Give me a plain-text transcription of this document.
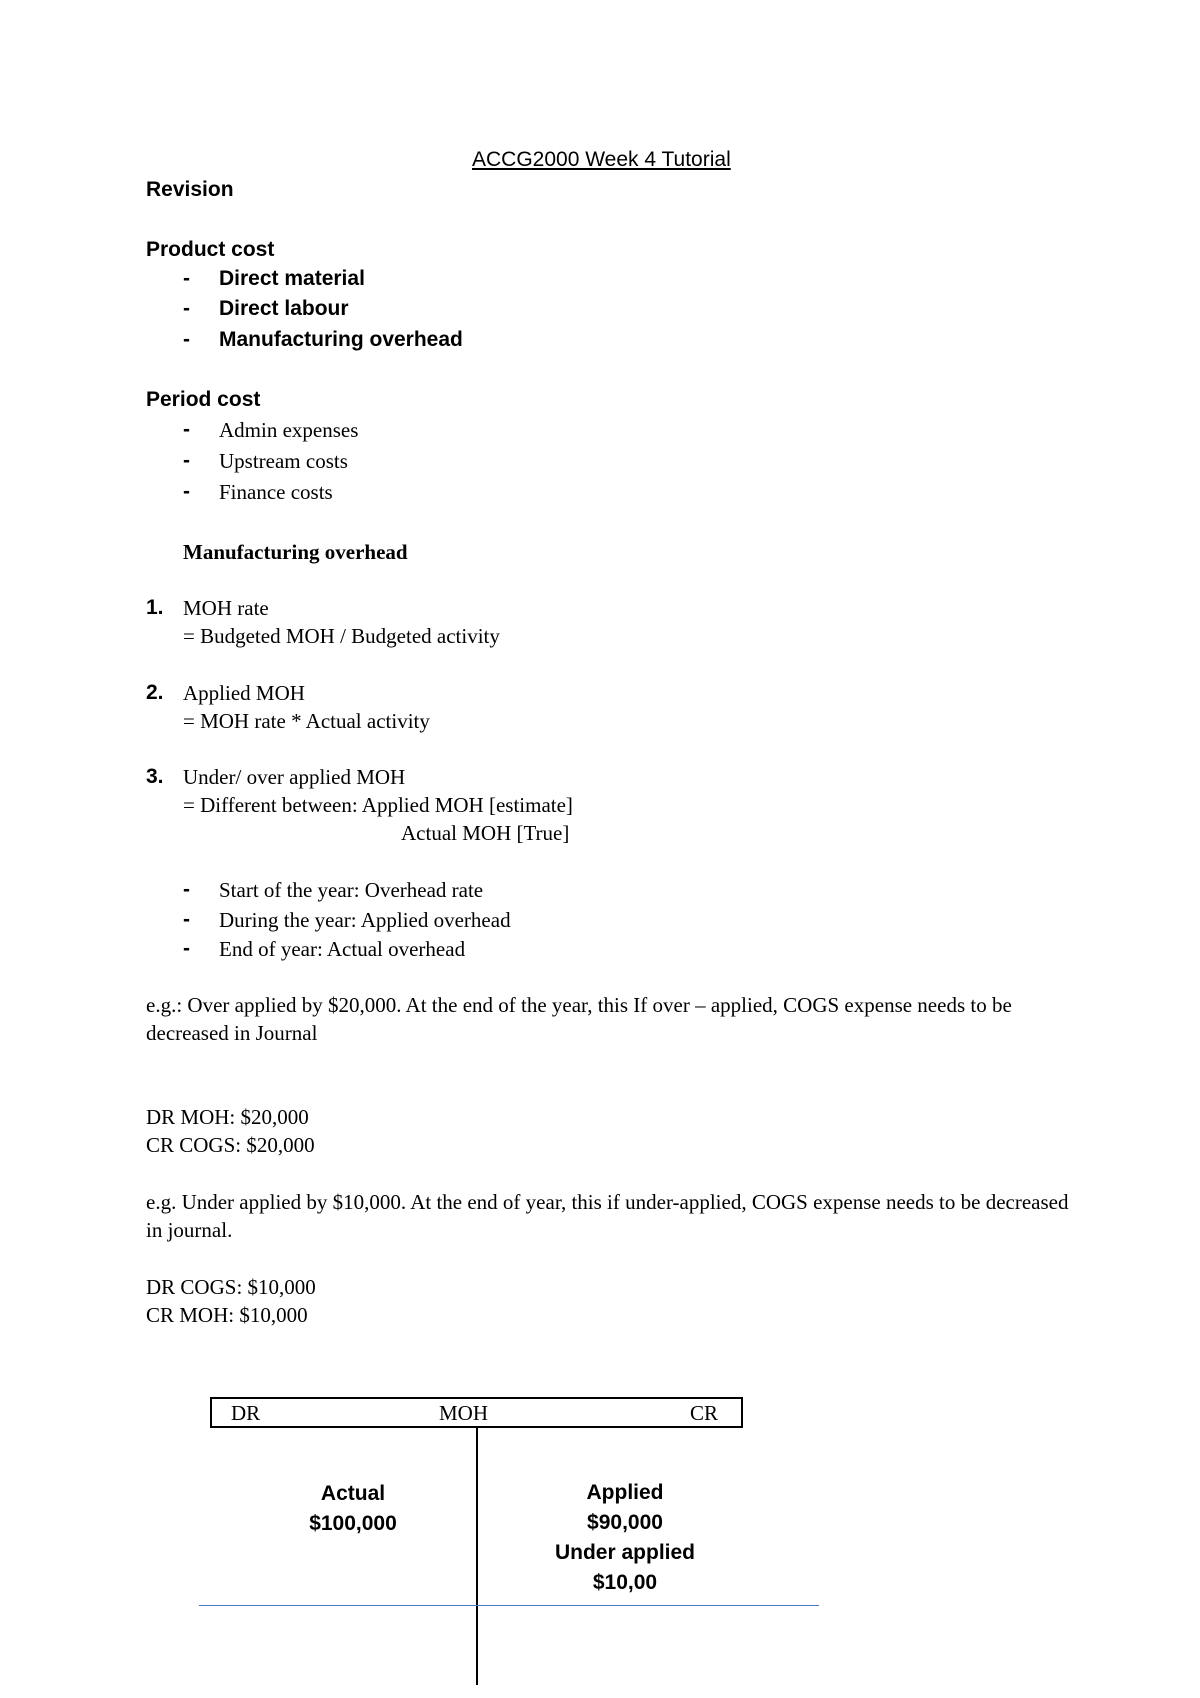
ACCG2000 Week 4 Tutorial
Revision
Product cost
- Direct material
- Direct labour
- Manufacturing overhead
Period cost
- Admin expenses
- Upstream costs
- Finance costs
Manufacturing overhead
1. MOH rate
= Budgeted MOH / Budgeted activity
2. Applied MOH
= MOH rate * Actual activity
3. Under/ over applied MOH
= Different between: Applied MOH [estimate]
Actual MOH [True]
- Start of the year: Overhead rate
- During the year: Applied overhead
- End of year: Actual overhead
e.g.: Over applied by $20,000. At the end of the year, this If over – applied, COGS expense needs to be decreased in Journal
DR MOH: $20,000
CR COGS: $20,000
e.g. Under applied by $10,000. At the end of year, this if under-applied, COGS expense needs to be decreased in journal.
DR COGS: $10,000
CR MOH: $10,000
DR	MOH	CR
Actual
$100,000
Applied
$90,000
Under applied
$10,00
